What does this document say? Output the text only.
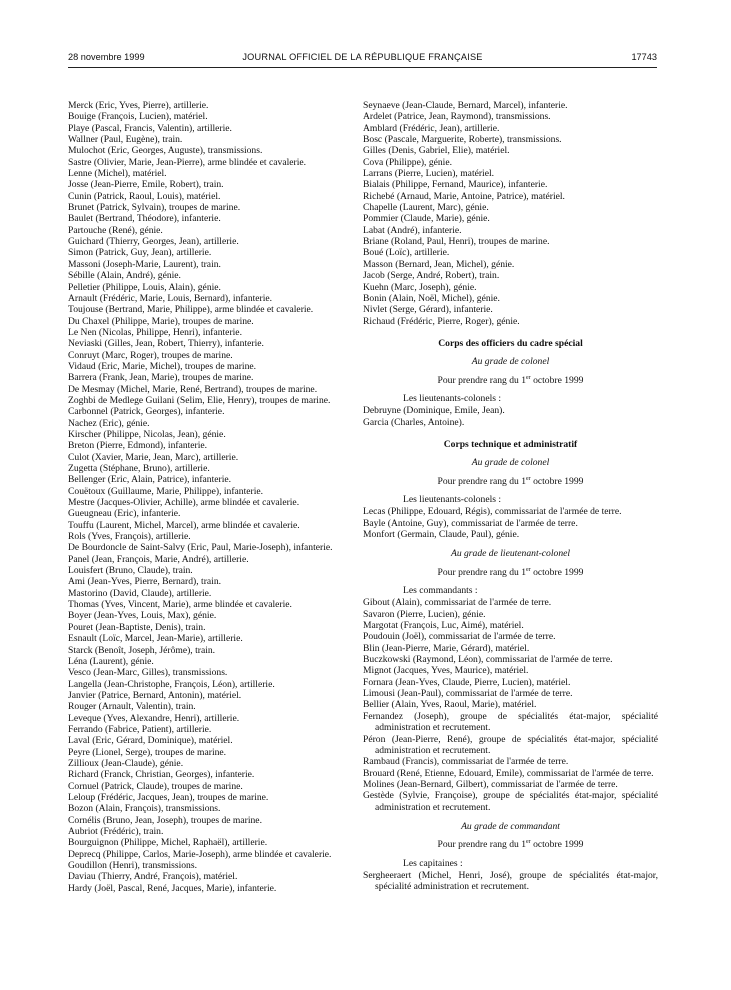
28 novembre 1999	JOURNAL OFFICIEL DE LA RÉPUBLIQUE FRANÇAISE	17743
Merck (Eric, Yves, Pierre), artillerie.
Bouige (François, Lucien), matériel.
Playe (Pascal, Francis, Valentin), artillerie.
Wallner (Paul, Eugène), train.
Mulochot (Eric, Georges, Auguste), transmissions.
Sastre (Olivier, Marie, Jean-Pierre), arme blindée et cavalerie.
Lenne (Michel), matériel.
Josse (Jean-Pierre, Emile, Robert), train.
Cunin (Patrick, Raoul, Louis), matériel.
Brunet (Patrick, Sylvain), troupes de marine.
Baulet (Bertrand, Théodore), infanterie.
Partouche (René), génie.
Guichard (Thierry, Georges, Jean), artillerie.
Simon (Patrick, Guy, Jean), artillerie.
Massoni (Joseph-Marie, Laurent), train.
Sébille (Alain, André), génie.
Pelletier (Philippe, Louis, Alain), génie.
Arnault (Frédéric, Marie, Louis, Bernard), infanterie.
Toujouse (Bertrand, Marie, Philippe), arme blindée et cavalerie.
Du Chaxel (Philippe, Marie), troupes de marine.
Le Nen (Nicolas, Philippe, Henri), infanterie.
Neviaski (Gilles, Jean, Robert, Thierry), infanterie.
Conruyt (Marc, Roger), troupes de marine.
Vidaud (Eric, Marie, Michel), troupes de marine.
Barrera (Frank, Jean, Marie), troupes de marine.
De Mesmay (Michel, Marie, René, Bertrand), troupes de marine.
Zoghbi de Medlege Guilani (Selim, Elie, Henry), troupes de marine.
Carbonnel (Patrick, Georges), infanterie.
Nachez (Eric), génie.
Kirscher (Philippe, Nicolas, Jean), génie.
Breton (Pierre, Edmond), infanterie.
Culot (Xavier, Marie, Jean, Marc), artillerie.
Zugetta (Stéphane, Bruno), artillerie.
Bellenger (Eric, Alain, Patrice), infanterie.
Couëtoux (Guillaume, Marie, Philippe), infanterie.
Mestre (Jacques-Olivier, Achille), arme blindée et cavalerie.
Gueugneau (Eric), infanterie.
Touffu (Laurent, Michel, Marcel), arme blindée et cavalerie.
Rols (Yves, François), artillerie.
De Bourdoncle de Saint-Salvy (Eric, Paul, Marie-Joseph), infanterie.
Panel (Jean, François, Marie, André), artillerie.
Louisfert (Bruno, Claude), train.
Ami (Jean-Yves, Pierre, Bernard), train.
Mastorino (David, Claude), artillerie.
Thomas (Yves, Vincent, Marie), arme blindée et cavalerie.
Boyer (Jean-Yves, Louis, Max), génie.
Pouret (Jean-Baptiste, Denis), train.
Esnault (Loïc, Marcel, Jean-Marie), artillerie.
Starck (Benoît, Joseph, Jérôme), train.
Léna (Laurent), génie.
Vesco (Jean-Marc, Gilles), transmissions.
Langella (Jean-Christophe, François, Léon), artillerie.
Janvier (Patrice, Bernard, Antonin), matériel.
Rouger (Arnault, Valentin), train.
Leveque (Yves, Alexandre, Henri), artillerie.
Ferrando (Fabrice, Patient), artillerie.
Laval (Eric, Gérard, Dominique), matériel.
Peyre (Lionel, Serge), troupes de marine.
Zillioux (Jean-Claude), génie.
Richard (Franck, Christian, Georges), infanterie.
Cornuel (Patrick, Claude), troupes de marine.
Leloup (Frédéric, Jacques, Jean), troupes de marine.
Bozon (Alain, François), transmissions.
Cornélis (Bruno, Jean, Joseph), troupes de marine.
Aubriot (Frédéric), train.
Bourguignon (Philippe, Michel, Raphaël), artillerie.
Deprecq (Philippe, Carlos, Marie-Joseph), arme blindée et cavalerie.
Goudillon (Henri), transmissions.
Daviau (Thierry, André, François), matériel.
Hardy (Joël, Pascal, René, Jacques, Marie), infanterie.
Seynaeve (Jean-Claude, Bernard, Marcel), infanterie.
Ardelet (Patrice, Jean, Raymond), transmissions.
Amblard (Frédéric, Jean), artillerie.
Bosc (Pascale, Marguerite, Roberte), transmissions.
Gilles (Denis, Gabriel, Elie), matériel.
Cova (Philippe), génie.
Larrans (Pierre, Lucien), matériel.
Bialais (Philippe, Fernand, Maurice), infanterie.
Richebé (Arnaud, Marie, Antoine, Patrice), matériel.
Chapelle (Laurent, Marc), génie.
Pommier (Claude, Marie), génie.
Labat (André), infanterie.
Briane (Roland, Paul, Henri), troupes de marine.
Boué (Loïc), artillerie.
Masson (Bernard, Jean, Michel), génie.
Jacob (Serge, André, Robert), train.
Kuehn (Marc, Joseph), génie.
Bonin (Alain, Noël, Michel), génie.
Nivlet (Serge, Gérard), infanterie.
Richaud (Frédéric, Pierre, Roger), génie.
Corps des officiers du cadre spécial
Au grade de colonel
Pour prendre rang du 1er octobre 1999
Les lieutenants-colonels :
Debruyne (Dominique, Emile, Jean).
Garcia (Charles, Antoine).
Corps technique et administratif
Au grade de colonel
Pour prendre rang du 1er octobre 1999
Les lieutenants-colonels :
Lecas (Philippe, Edouard, Régis), commissariat de l'armée de terre.
Bayle (Antoine, Guy), commissariat de l'armée de terre.
Monfort (Germain, Claude, Paul), génie.
Au grade de lieutenant-colonel
Pour prendre rang du 1er octobre 1999
Les commandants :
Gibout (Alain), commissariat de l'armée de terre.
Savaron (Pierre, Lucien), génie.
Margotat (François, Luc, Aimé), matériel.
Poudouin (Joël), commissariat de l'armée de terre.
Blin (Jean-Pierre, Marie, Gérard), matériel.
Buczkowski (Raymond, Léon), commissariat de l'armée de terre.
Mignot (Jacques, Yves, Maurice), matériel.
Fornara (Jean-Yves, Claude, Pierre, Lucien), matériel.
Limousi (Jean-Paul), commissariat de l'armée de terre.
Bellier (Alain, Yves, Raoul, Marie), matériel.
Fernandez (Joseph), groupe de spécialités état-major, spécialité administration et recrutement.
Péron (Jean-Pierre, René), groupe de spécialités état-major, spécialité administration et recrutement.
Rambaud (Francis), commissariat de l'armée de terre.
Brouard (René, Etienne, Edouard, Emile), commissariat de l'armée de terre.
Molines (Jean-Bernard, Gilbert), commissariat de l'armée de terre.
Gestède (Sylvie, Françoise), groupe de spécialités état-major, spécialité administration et recrutement.
Au grade de commandant
Pour prendre rang du 1er octobre 1999
Les capitaines :
Sergheeraert (Michel, Henri, José), groupe de spécialités état-major, spécialité administration et recrutement.
